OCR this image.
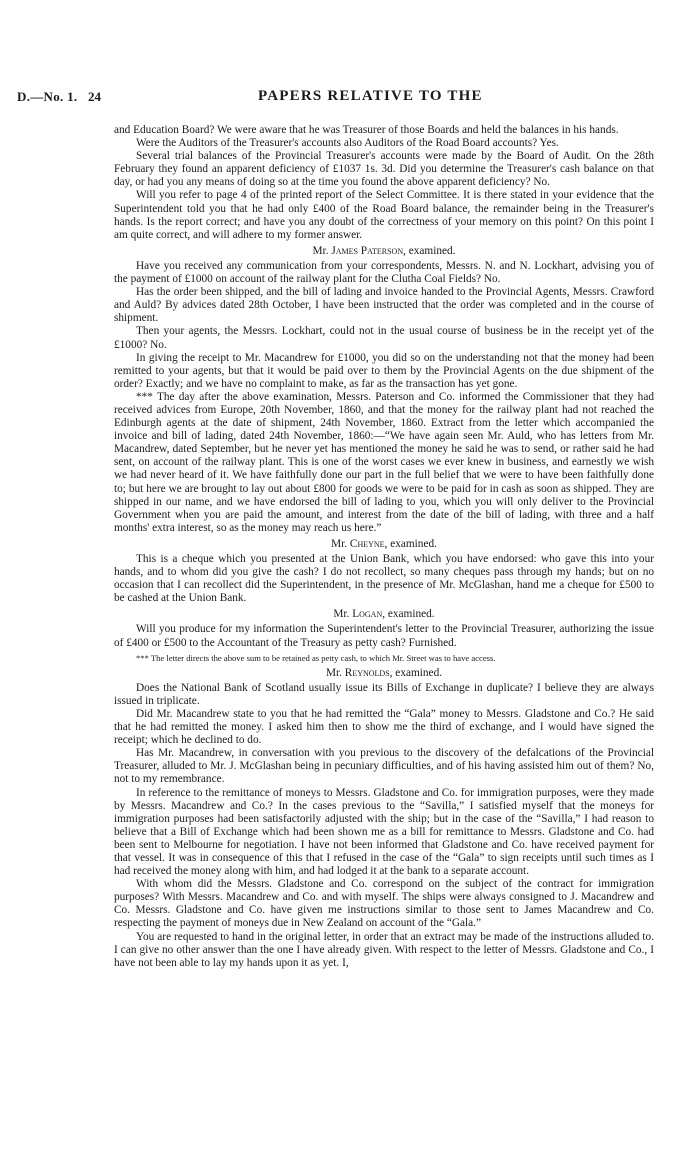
D.—No. 1. 24	PAPERS RELATIVE TO THE

and Education Board? We were aware that he was Treasurer of those Boards and held the balances in his hands.

Were the Auditors of the Treasurer's accounts also Auditors of the Road Board accounts? Yes.

Several trial balances of the Provincial Treasurer's accounts were made by the Board of Audit. On the 28th February they found an apparent deficiency of £1037 1s. 3d. Did you determine the Treasurer's cash balance on that day, or had you any means of doing so at the time you found the above apparent deficiency? No.

Will you refer to page 4 of the printed report of the Select Committee. It is there stated in your evidence that the Superintendent told you that he had only £400 of the Road Board balance, the remainder being in the Treasurer's hands. Is the report correct; and have you any doubt of the correctness of your memory on this point? On this point I am quite correct, and will adhere to my former answer.

Mr. James Paterson, examined.

Have you received any communication from your correspondents, Messrs. N. and N. Lockhart, advising you of the payment of £1000 on account of the railway plant for the Clutha Coal Fields? No.

Has the order been shipped, and the bill of lading and invoice handed to the Provincial Agents, Messrs. Crawford and Auld? By advices dated 28th October, I have been instructed that the order was completed and in the course of shipment.

Then your agents, the Messrs. Lockhart, could not in the usual course of business be in the receipt yet of the £1000? No.

In giving the receipt to Mr. Macandrew for £1000, you did so on the understanding not that the money had been remitted to your agents, but that it would be paid over to them by the Provincial Agents on the due shipment of the order? Exactly; and we have no complaint to make, as far as the transaction has yet gone.

*** The day after the above examination, Messrs. Paterson and Co. informed the Commissioner that they had received advices from Europe, 20th November, 1860, and that the money for the railway plant had not reached the Edinburgh agents at the date of shipment, 24th November, 1860. Extract from the letter which accompanied the invoice and bill of lading, dated 24th November, 1860:—“We have again seen Mr. Auld, who has letters from Mr. Macandrew, dated September, but he never yet has mentioned the money he said he was to send, or rather said he had sent, on account of the railway plant. This is one of the worst cases we ever knew in business, and earnestly we wish we had never heard of it. We have faithfully done our part in the full belief that we were to have been faithfully done to; but here we are brought to lay out about £800 for goods we were to be paid for in cash as soon as shipped. They are shipped in our name, and we have endorsed the bill of lading to you, which you will only deliver to the Provincial Government when you are paid the amount, and interest from the date of the bill of lading, with three and a half months' extra interest, so as the money may reach us here.”

Mr. Cheyne, examined.

This is a cheque which you presented at the Union Bank, which you have endorsed: who gave this into your hands, and to whom did you give the cash? I do not recollect, so many cheques pass through my hands; but on no occasion that I can recollect did the Superintendent, in the presence of Mr. McGlashan, hand me a cheque for £500 to be cashed at the Union Bank.

Mr. Logan, examined.

Will you produce for my information the Superintendent's letter to the Provincial Treasurer, authorizing the issue of £400 or £500 to the Accountant of the Treasury as petty cash? Furnished.

*** The letter directs the above sum to be retained as petty cash, to which Mr. Street was to have access.

Mr. Reynolds, examined.

Does the National Bank of Scotland usually issue its Bills of Exchange in duplicate? I believe they are always issued in triplicate.

Did Mr. Macandrew state to you that he had remitted the “Gala” money to Messrs. Gladstone and Co.? He said that he had remitted the money. I asked him then to show me the third of exchange, and I would have signed the receipt; which he declined to do.

Has Mr. Macandrew, in conversation with you previous to the discovery of the defalcations of the Provincial Treasurer, alluded to Mr. J. McGlashan being in pecuniary difficulties, and of his having assisted him out of them? No, not to my remembrance.

In reference to the remittance of moneys to Messrs. Gladstone and Co. for immigration purposes, were they made by Messrs. Macandrew and Co.? In the cases previous to the “Savilla,” I satisfied myself that the moneys for immigration purposes had been satisfactorily adjusted with the ship; but in the case of the “Savilla,” I had reason to believe that a Bill of Exchange which had been shown me as a bill for remittance to Messrs. Gladstone and Co. had been sent to Melbourne for negotiation. I have not been informed that Gladstone and Co. have received payment for that vessel. It was in consequence of this that I refused in the case of the “Gala” to sign receipts until such times as I had received the money along with him, and had lodged it at the bank to a separate account.

With whom did the Messrs. Gladstone and Co. correspond on the subject of the contract for immigration purposes? With Messrs. Macandrew and Co. and with myself. The ships were always consigned to J. Macandrew and Co. Messrs. Gladstone and Co. have given me instructions similar to those sent to James Macandrew and Co. respecting the payment of moneys due in New Zealand on account of the “Gala.”

You are requested to hand in the original letter, in order that an extract may be made of the instructions alluded to. I can give no other answer than the one I have already given. With respect to the letter of Messrs. Gladstone and Co., I have not been able to lay my hands upon it as yet. I,
